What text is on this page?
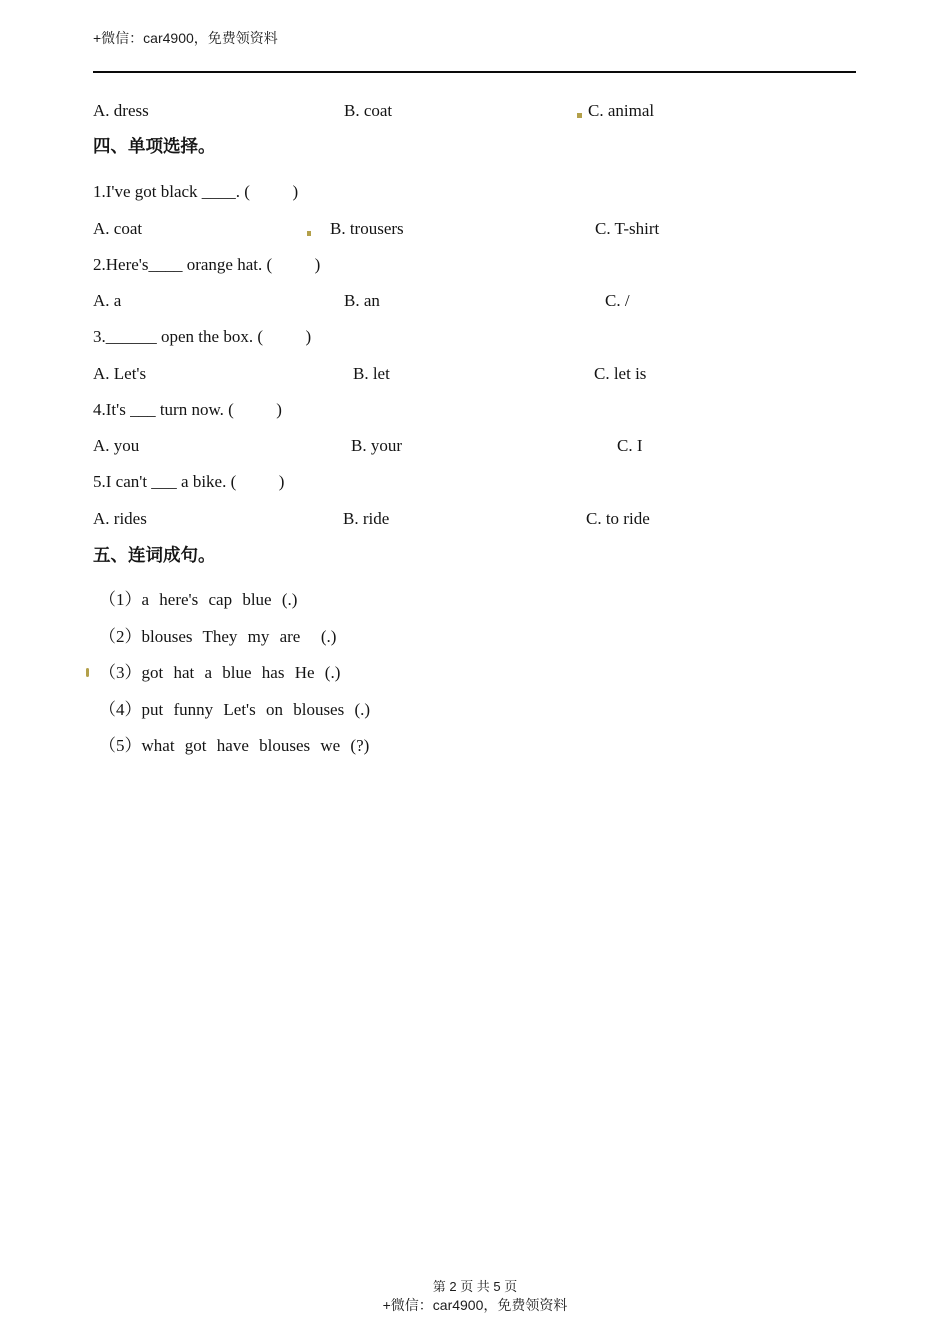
+微信：car4900，免费领资料
A. dress	B. coat	C. animal
四、单项选择。
1.I've got black ____. (          )
A. coat	B. trousers	C. T-shirt
2.Here's____ orange hat. (          )
A. a	B. an	C. /
3.______ open the box. (          )
A. Let's	B. let	C. let is
4.It's ___ turn now. (          )
A. you	B. your	C. I
5.I can't ___ a bike. (          )
A. rides	B. ride	C. to ride
五、连词成句。
（1）a here's cap blue (.)
（2）blouses They my are  (.)
（3）got hat a blue has He (.)
（4）put funny Let's on blouses (.)
（5）what got have blouses we (?)
第 2 页 共 5 页
+微信：car4900，免费领资料
